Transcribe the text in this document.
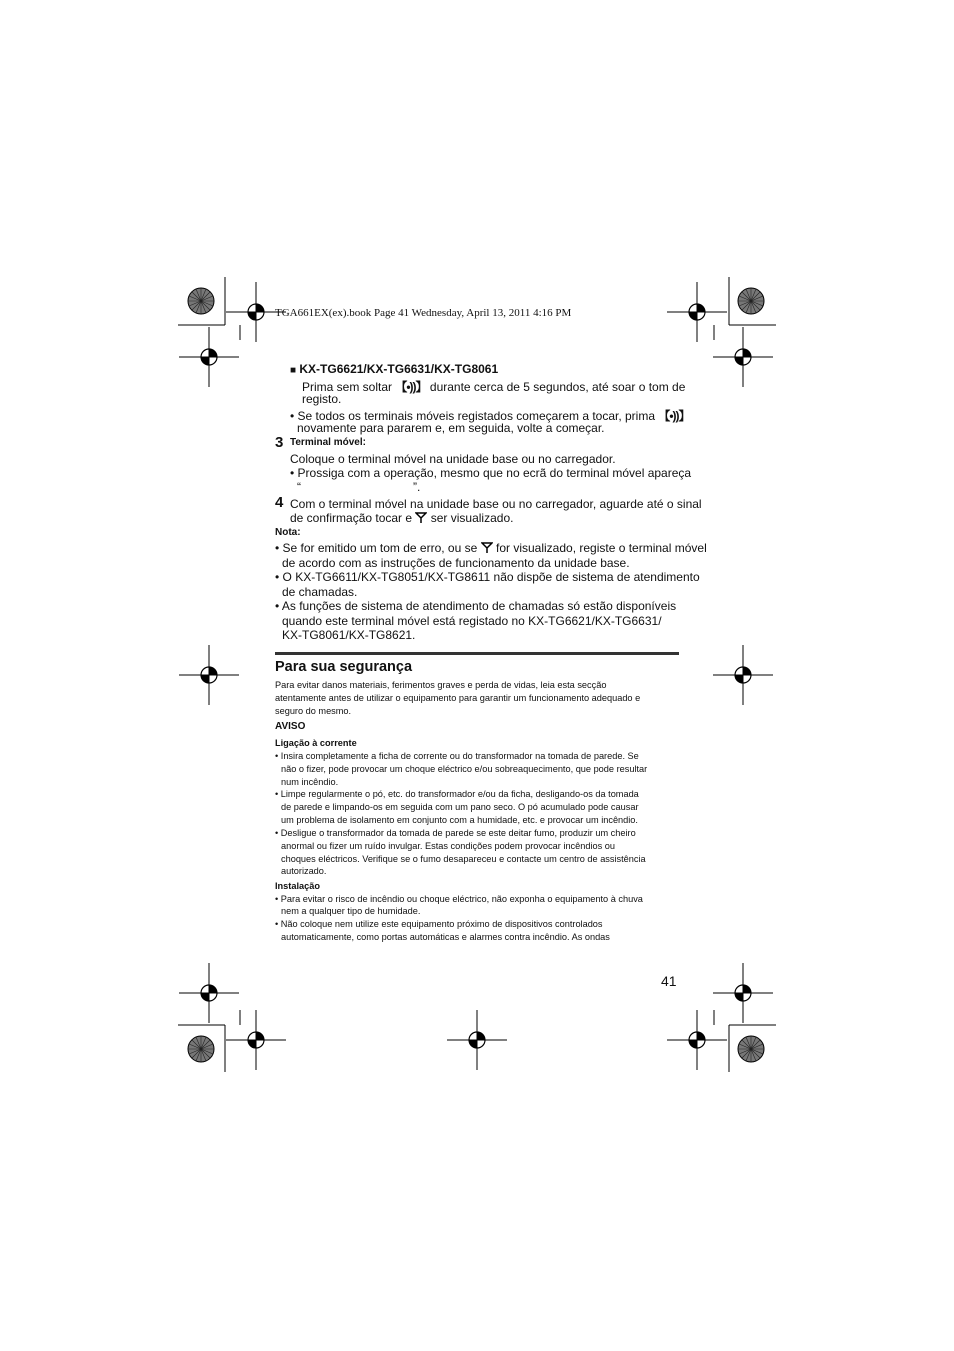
TGA661EX(ex).book Page 41 Wednesday, April 13, 2011 4:16 PM
■ KX-TG6621/KX-TG6631/KX-TG8061
Prima sem soltar 【•))】 durante cerca de 5 segundos, até soar o tom de
registo.
• Se todos os terminais móveis registados começarem a tocar, prima 【•))】
novamente para pararem e, em seguida, volte a começar.
3 Terminal móvel:
Coloque o terminal móvel na unidade base ou no carregador.
• Prossiga com a operação, mesmo que no ecrã do terminal móvel apareça
“	”.
4 Com o terminal móvel na unidade base ou no carregador, aguarde até o sinal
de confirmação tocar e  ser visualizado.
Nota:
• Se for emitido um tom de erro, ou se for visualizado, registe o terminal móvel
de acordo com as instruções de funcionamento da unidade base.
• O KX-TG6611/KX-TG8051/KX-TG8611 não dispõe de sistema de atendimento
de chamadas.
• As funções de sistema de atendimento de chamadas só estão disponíveis
quando este terminal móvel está registado no KX-TG6621/KX-TG6631/
KX-TG8061/KX-TG8621.
Para sua segurança
Para evitar danos materiais, ferimentos graves e perda de vidas, leia esta secção
atentamente antes de utilizar o equipamento para garantir um funcionamento adequado e
seguro do mesmo.
AVISO
Ligação à corrente
• Insira completamente a ficha de corrente ou do transformador na tomada de parede. Se
não o fizer, pode provocar um choque eléctrico e/ou sobreaquecimento, que pode resultar
num incêndio.
• Limpe regularmente o pó, etc. do transformador e/ou da ficha, desligando-os da tomada
de parede e limpando-os em seguida com um pano seco. O pó acumulado pode causar
um problema de isolamento em conjunto com a humidade, etc. e provocar um incêndio.
• Desligue o transformador da tomada de parede se este deitar fumo, produzir um cheiro
anormal ou fizer um ruído invulgar. Estas condições podem provocar incêndios ou
choques eléctricos. Verifique se o fumo desapareceu e contacte um centro de assistência
autorizado.
Instalação
• Para evitar o risco de incêndio ou choque eléctrico, não exponha o equipamento à chuva
nem a qualquer tipo de humidade.
• Não coloque nem utilize este equipamento próximo de dispositivos controlados
automaticamente, como portas automáticas e alarmes contra incêndio. As ondas
41
